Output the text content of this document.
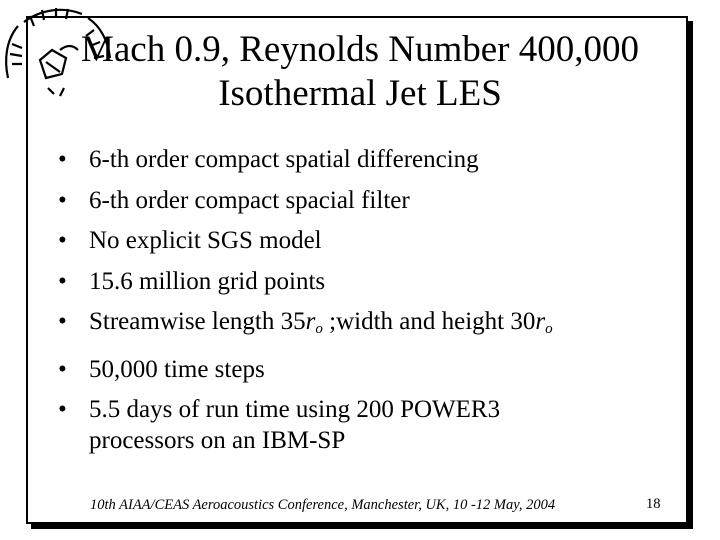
Mach 0.9, Reynolds Number 400,000
Isothermal Jet LES
• 6-th order compact spatial differencing
• 6-th order compact spacial filter
• No explicit SGS model
• 15.6 million grid points
• Streamwise length $35r_o$ ;width and height $30r_o$
• 50,000 time steps
• 5.5 days of run time using 200 POWER3
processors on an IBM-SP
10th AIAA/CEAS Aeroacoustics Conference, Manchester, UK, 10 -12 May, 2004	18
